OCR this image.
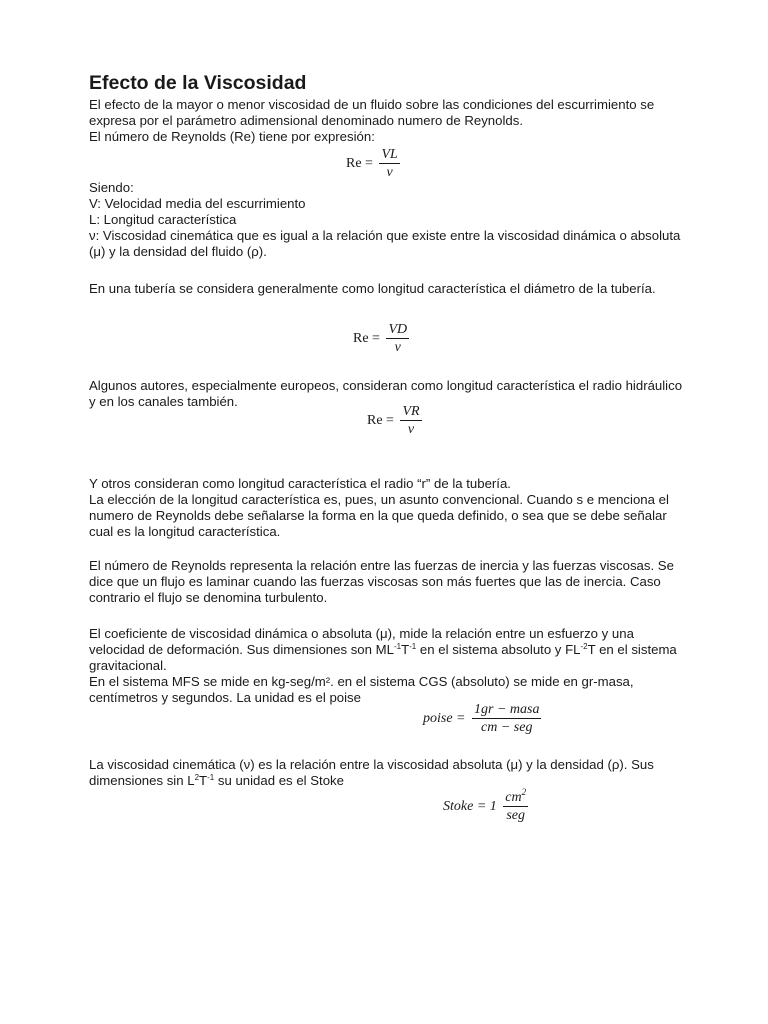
Efecto de la Viscosidad
El efecto de la mayor o menor viscosidad de un fluido sobre las condiciones del escurrimiento se
expresa por el parámetro adimensional denominado numero de Reynolds.
El número de Reynolds (Re) tiene por expresión:
$Re = \frac{VL}{\nu}$
Siendo:
V: Velocidad media del escurrimiento
L: Longitud característica
ν: Viscosidad cinemática que es igual a la relación que existe entre la viscosidad dinámica o absoluta
(μ) y la densidad del fluido (ρ).
En una tubería se considera generalmente como longitud característica el diámetro de la tubería.
$Re = \frac{VD}{\nu}$
Algunos autores, especialmente europeos, consideran como longitud característica el radio hidráulico
y en los canales también.
$Re = \frac{VR}{\nu}$
Y otros consideran como longitud característica el radio “r” de la tubería.
La elección de la longitud característica es, pues, un asunto convencional. Cuando s e menciona el
numero de Reynolds debe señalarse la forma en la que queda definido, o sea que se debe señalar
cual es la longitud característica.
El número de Reynolds representa la relación entre las fuerzas de inercia y las fuerzas viscosas. Se
dice que un flujo es laminar cuando las fuerzas viscosas son más fuertes que las de inercia. Caso
contrario el flujo se denomina turbulento.
El coeficiente de viscosidad dinámica o absoluta (μ), mide la relación entre un esfuerzo y una
velocidad de deformación. Sus dimensiones son $ML^{-1}T^{-1}$ en el sistema absoluto y $FL^{-2}T$ en el sistema
gravitacional.
En el sistema MFS se mide en kg-seg/m². en el sistema CGS (absoluto) se mide en gr-masa,
centímetros y segundos. La unidad es el poise
poise = $\frac{\text{1gr − masa}}{\text{cm − seg}}$
La viscosidad cinemática (ν) es la relación entre la viscosidad absoluta (μ) y la densidad (ρ). Sus
dimensiones $\sin L^2T^{-1}$ su unidad es el Stoke
Stoke = $1 \frac{cm^2}{\text{seg}}$
